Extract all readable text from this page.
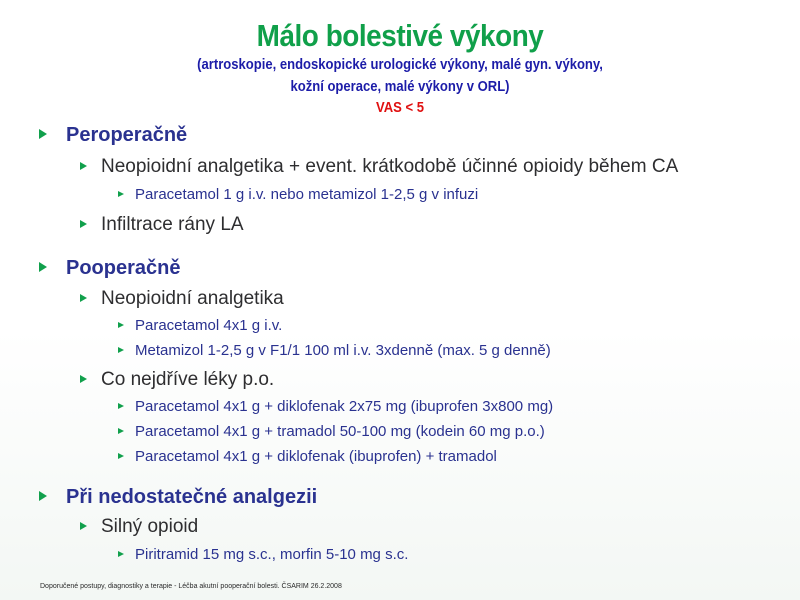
Málo bolestivé výkony
(artroskopie, endoskopické urologické výkony, malé gyn. výkony,
kožní operace, malé výkony v ORL)
VAS < 5
Peroperačně
Neopioidní analgetika + event. krátkodobě účinné opioidy během CA
Paracetamol 1 g i.v. nebo metamizol 1-2,5 g v infuzi
Infiltrace rány LA
Pooperačně
Neopioidní analgetika
Paracetamol 4x1 g i.v.
Metamizol 1-2,5 g v F1/1 100 ml i.v. 3xdenně (max. 5 g denně)
Co nejdříve léky p.o.
Paracetamol 4x1 g + diklofenak 2x75 mg (ibuprofen 3x800 mg)
Paracetamol 4x1 g + tramadol 50-100 mg (kodein 60 mg p.o.)
Paracetamol 4x1 g + diklofenak (ibuprofen) + tramadol
Při nedostatečné analgezii
Silný opioid
Piritramid 15 mg s.c., morfin 5-10 mg s.c.
Doporučené postupy, diagnostiky a terapie - Léčba akutní pooperační bolesti. ČSARIM 26.2.2008
